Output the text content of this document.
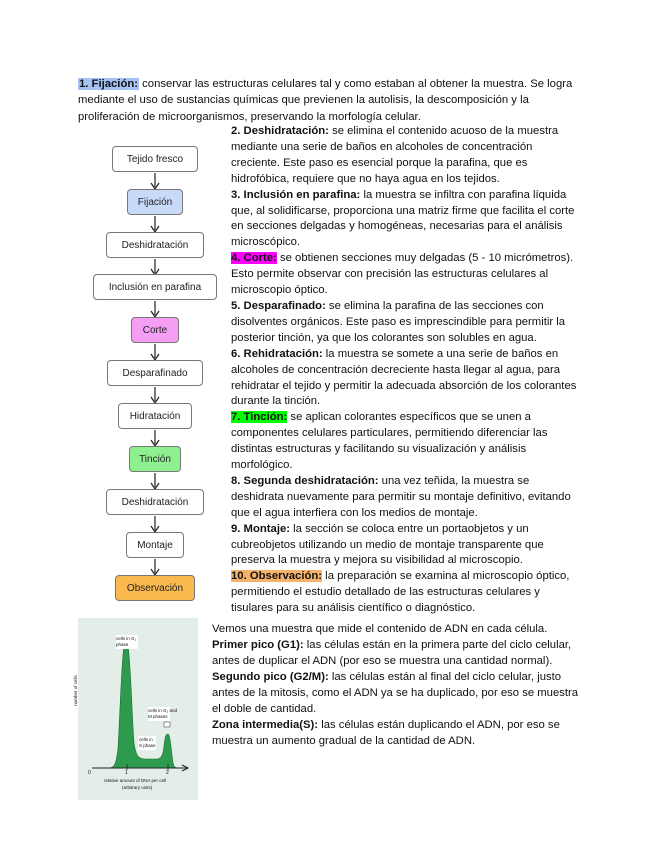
1. Fijación: conservar las estructuras celulares tal y como estaban al obtener la muestra. Se logra mediante el uso de sustancias químicas que previenen la autolisis, la descomposición y la proliferación de microorganismos, preservando la morfología celular.
Tejido fresco
Fijación
Deshidratación
Inclusión en parafina
Corte
Desparafinado
Hidratación
Tinción
Deshidratación
Montaje
Observación

2. Deshidratación: se elimina el contenido acuoso de la muestra mediante una serie de baños en alcoholes de concentración creciente. Este paso es esencial porque la parafina, que es hidrofóbica, requiere que no haya agua en los tejidos.

3. Inclusión en parafina: la muestra se infiltra con parafina líquida que, al solidificarse, proporciona una matriz firme que facilita el corte en secciones delgadas y homogéneas, necesarias para el análisis microscópico.

4. Corte: se obtienen secciones muy delgadas (5 - 10 micrómetros). Esto permite observar con precisión las estructuras celulares al microscopio óptico.

5. Desparafinado: se elimina la parafina de las secciones con disolventes orgánicos. Este paso es imprescindible para permitir la posterior tinción, ya que los colorantes son solubles en agua.

6. Rehidratación: la muestra se somete a una serie de baños en alcoholes de concentración decreciente hasta llegar al agua, para rehidratar el tejido y permitir la adecuada absorción de los colorantes durante la tinción.

7. Tinción: se aplican colorantes específicos que se unen a componentes celulares particulares, permitiendo diferenciar las distintas estructuras y facilitando su visualización y análisis morfológico.

8. Segunda deshidratación: una vez teñida, la muestra se deshidrata nuevamente para permitir su montaje definitivo, evitando que el agua interfiera con los medios de montaje.

9. Montaje: la sección se coloca entre un portaobjetos y un cubreobjetos utilizando un medio de montaje transparente que preserva la muestra y mejora su visibilidad al microscopio.

10. Observación: la preparación se examina al microscopio óptico, permitiendo el estudio detallado de las estructuras celulares y tisulares para su análisis científico o diagnóstico.

cells in G₁ phase
cells in G₂ and
M phases
cells in
S phase
number of cells
0	1	2
relative amount of DNA per cell
(arbitrary units)

Vemos una muestra que mide el contenido de ADN en cada célula.

Primer pico (G1): las células están en la primera parte del ciclo celular, antes de duplicar el ADN (por eso se muestra una cantidad normal).

Segundo pico (G2/M): las células están al final del ciclo celular, justo antes de la mitosis, como el ADN ya se ha duplicado, por eso se muestra el doble de cantidad.

Zona intermedia(S): las células están duplicando el ADN, por eso se muestra un aumento gradual de la cantidad de ADN.
